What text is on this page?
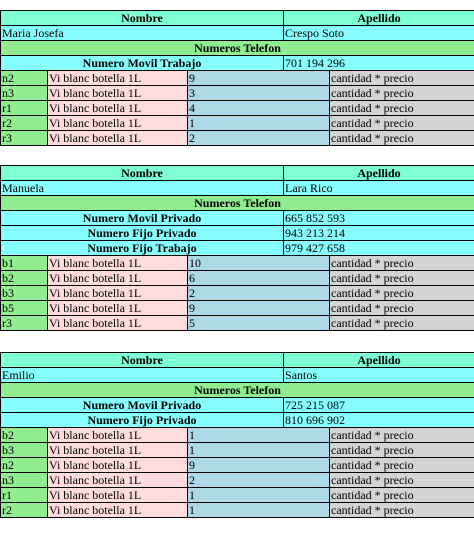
Nombre			Apellido	
Maria Josefa			Crespo Soto	
Numeros Telefon				
Numero Movil Trabajo			701 194 296	
n2	Vi blanc botella 1L	9		cantidad * precio
n3	Vi blanc botella 1L	3		cantidad * precio
r1	Vi blanc botella 1L	4		cantidad * precio
r2	Vi blanc botella 1L	1		cantidad * precio
r3	Vi blanc botella 1L	2		cantidad * precio
Nombre			Apellido	
Manuela			Lara Rico	
Numeros Telefon				
Numero Movil Privado			665 852 593	
Numero Fijo Privado			943 213 214	
Numero Fijo Trabajo			979 427 658	
b1	Vi blanc botella 1L	10		cantidad * precio
b2	Vi blanc botella 1L	6		cantidad * precio
b3	Vi blanc botella 1L	2		cantidad * precio
b5	Vi blanc botella 1L	9		cantidad * precio
r3	Vi blanc botella 1L	5		cantidad * precio
Nombre			Apellido	
Emilio			Santos	
Numeros Telefon				
Numero Movil Privado			725 215 087	
Numero Fijo Privado			810 696 902	
b2	Vi blanc botella 1L	1		cantidad * precio
b3	Vi blanc botella 1L	1		cantidad * precio
n2	Vi blanc botella 1L	9		cantidad * precio
n3	Vi blanc botella 1L	2		cantidad * precio
r1	Vi blanc botella 1L	1		cantidad * precio
r2	Vi blanc botella 1L	1		cantidad * precio
